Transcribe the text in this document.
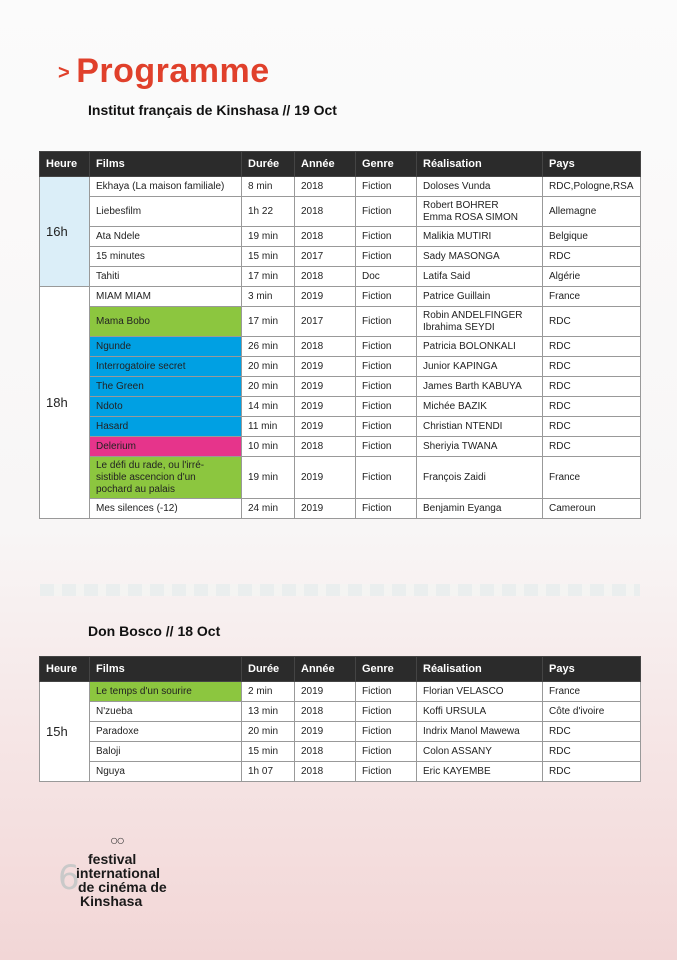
> Programme
Institut français de Kinshasa // 19 Oct
Heure	Films	Durée	Année	Genre	Réalisation	Pays
16h	Ekhaya (La maison familiale)	8 min	2018	Fiction	Doloses Vunda	RDC,Pologne,RSA
	Liebesfilm	1h 22	2018	Fiction	Robert BOHRER
Emma ROSA SIMON	Allemagne
	Ata Ndele	19 min	2018	Fiction	Malikia MUTIRI	Belgique
	15 minutes	15 min	2017	Fiction	Sady MASONGA	RDC
	Tahiti	17 min	2018	Doc	Latifa Said	Algérie
18h	MIAM MIAM	3 min	2019	Fiction	Patrice Guillain	France
	Mama Bobo	17 min	2017	Fiction	Robin ANDELFINGER
Ibrahima SEYDI	RDC
	Ngunde	26 min	2018	Fiction	Patricia BOLONKALI	RDC
	Interrogatoire secret	20 min	2019	Fiction	Junior KAPINGA	RDC
	The Green	20 min	2019	Fiction	James Barth KABUYA	RDC
	Ndoto	14 min	2019	Fiction	Michée BAZIK	RDC
	Hasard	11 min	2019	Fiction	Christian NTENDI	RDC
	Delerium	10 min	2018	Fiction	Sheriyia TWANA	RDC
	Le défi du rade, ou l'irré-
sistible ascencion d'un
pochard au palais	19 min	2019	Fiction	François Zaidi	France
	Mes silences (-12)	24 min	2019	Fiction	Benjamin Eyanga	Cameroun
Don Bosco // 18 Oct
Heure	Films	Durée	Année	Genre	Réalisation	Pays
15h	Le temps d'un sourire	2 min	2019	Fiction	Florian VELASCO	France
	N'zueba	13 min	2018	Fiction	Koffi URSULA	Côte d'ivoire
	Paradoxe	20 min	2019	Fiction	Indrix Manol Mawewa	RDC
	Baloji	15 min	2018	Fiction	Colon ASSANY	RDC
	Nguya	1h 07	2018	Fiction	Eric KAYEMBE	RDC
○○
6 festival
international
de cinéma de
Kinshasa
